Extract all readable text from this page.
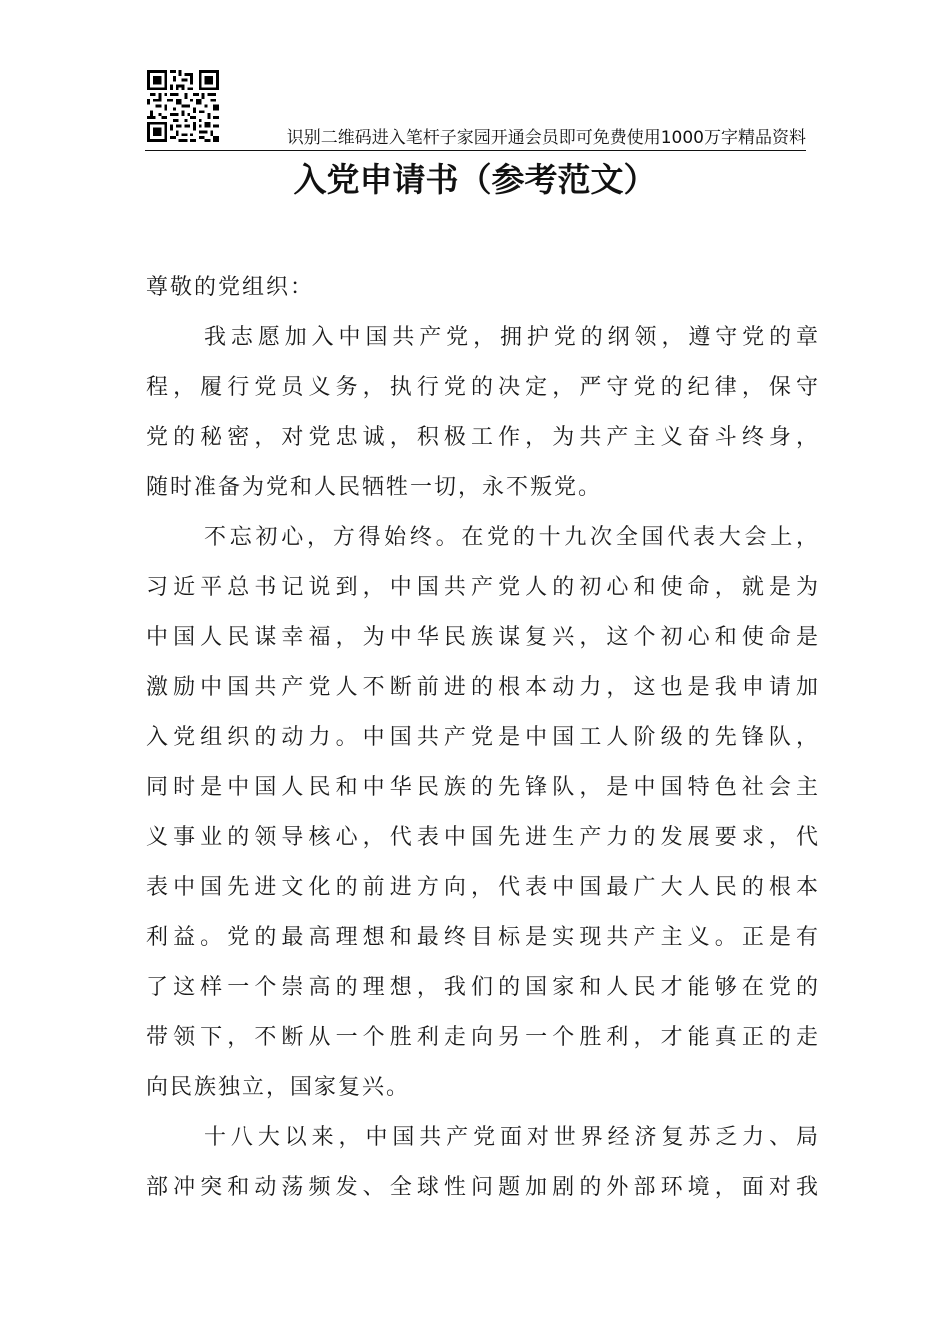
识别二维码进入笔杆子家园开通会员即可免费使用1000万字精品资料
入党申请书（参考范文）

尊敬的党组织：

我志愿加入中国共产党，拥护党的纲领，遵守党的章

程，履行党员义务，执行党的决定，严守党的纪律，保守

党的秘密，对党忠诚，积极工作，为共产主义奋斗终身，

随时准备为党和人民牺牲一切，永不叛党。

不忘初心，方得始终。在党的十九次全国代表大会上，

习近平总书记说到，中国共产党人的初心和使命，就是为

中国人民谋幸福，为中华民族谋复兴，这个初心和使命是

激励中国共产党人不断前进的根本动力，这也是我申请加

入党组织的动力。中国共产党是中国工人阶级的先锋队，

同时是中国人民和中华民族的先锋队，是中国特色社会主

义事业的领导核心，代表中国先进生产力的发展要求，代

表中国先进文化的前进方向，代表中国最广大人民的根本

利益。党的最高理想和最终目标是实现共产主义。正是有

了这样一个崇高的理想，我们的国家和人民才能够在党的

带领下，不断从一个胜利走向另一个胜利，才能真正的走

向民族独立，国家复兴。

十八大以来，中国共产党面对世界经济复苏乏力、局

部冲突和动荡频发、全球性问题加剧的外部环境，面对我
